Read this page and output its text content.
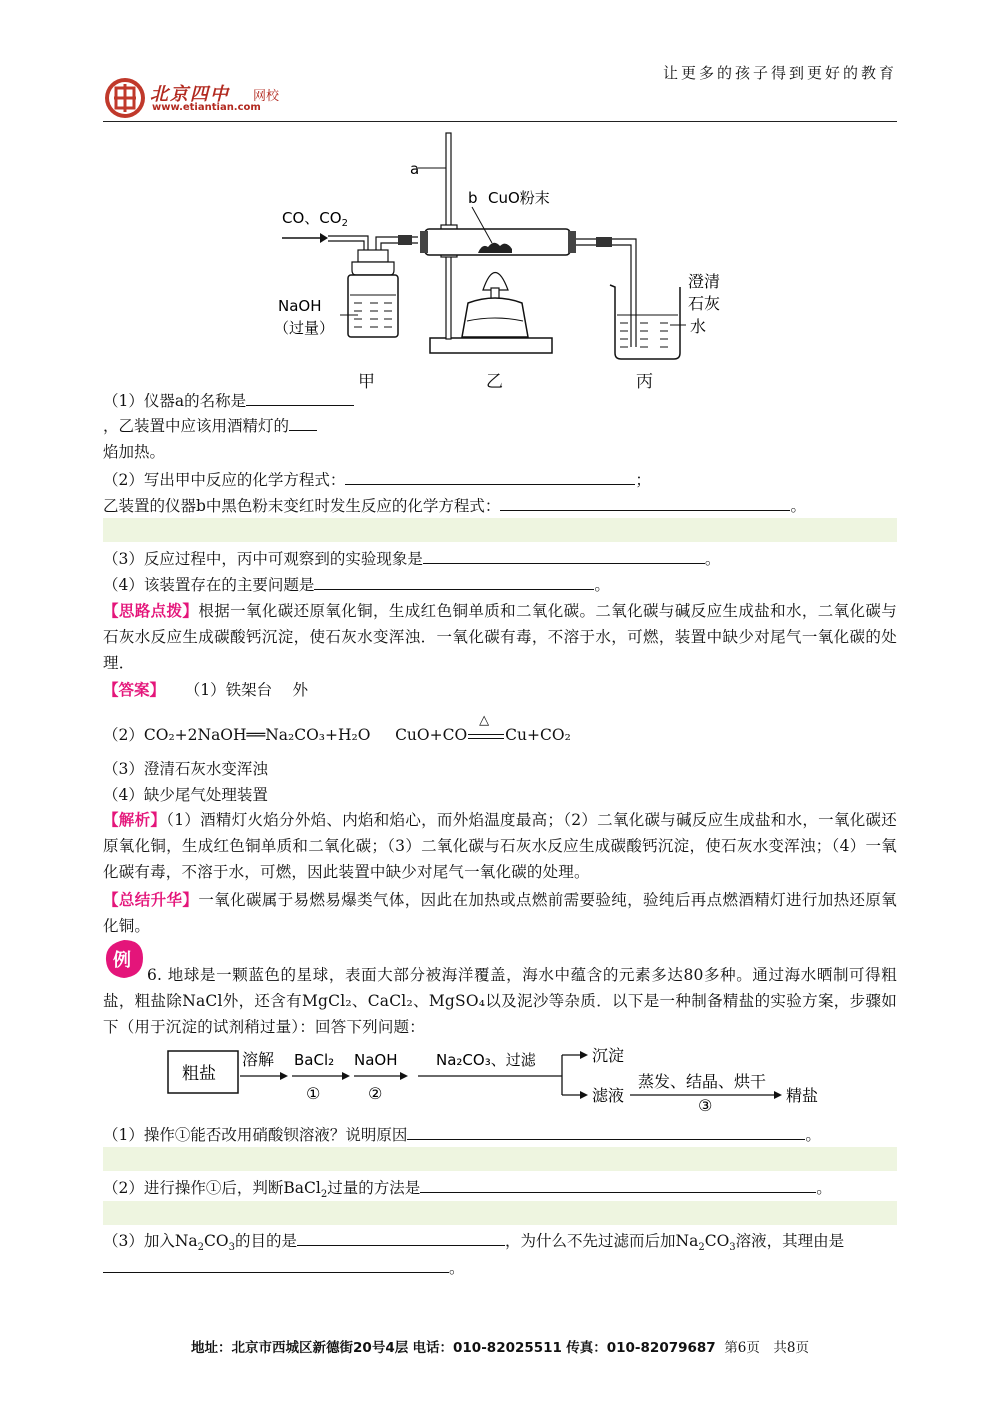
北京四中 网校
www.etiantian.com
让更多的孩子得到更好的教育
a
b CuO粉末
CO、$CO_2$
NaOH
（过量）
澄清
石灰
水
甲	乙	丙
（1）仪器a的名称是
，乙装置中应该用酒精灯的
焰加热。
（2）写出甲中反应的化学方程式：	；
乙装置的仪器b中黑色粉末变红时发生反应的化学方程式：	。
（3）反应过程中，丙中可观察到的实验现象是	。
（4）该装置存在的主要问题是	。
【思路点拨】根据一氧化碳还原氧化铜，生成红色铜单质和二氧化碳。二氧化碳与碱反应生成盐和水，二氧化碳与石灰水反应生成碳酸钙沉淀，使石灰水变浑浊．一氧化碳有毒，不溶于水，可燃，装置中缺少对尾气一氧化碳的处理．
【答案】 （1）铁架台　 外
（2）CO₂+2NaOH══Na₂CO₃+H₂O CuO+CO
△
Cu+CO₂
（3）澄清石灰水变浑浊
（4）缺少尾气处理装置
【解析】（1）酒精灯火焰分外焰、内焰和焰心，而外焰温度最高；（2）二氧化碳与碱反应生成盐和水，一氧化碳还原氧化铜，生成红色铜单质和二氧化碳；（3）二氧化碳与石灰水反应生成碳酸钙沉淀，使石灰水变浑浊；（4）一氧化碳有毒，不溶于水，可燃，因此装置中缺少对尾气一氧化碳的处理。
【总结升华】一氧化碳属于易燃易爆类气体，因此在加热或点燃前需要验纯，验纯后再点燃酒精灯进行加热还原氧化铜。
例
6. 地球是一颗蓝色的星球，表面大部分被海洋覆盖，海水中蕴含的元素多达80多种。通过海水晒制可得粗盐，粗盐除NaCl外，还含有MgCl₂、CaCl₂、MgSO₄以及泥沙等杂质．以下是一种制备精盐的实验方案，步骤如下（用于沉淀的试剂稍过量）：回答下列问题：
粗盐
溶解 BaCl₂
①
NaOH
②
Na₂CO₃、过滤	沉淀
滤液
蒸发、结晶、烘干
③
精盐
（1）操作①能否改用硝酸钡溶液？说明原因	。
（2）进行操作①后，判断BaCl$_2$过量的方法是	。
（3）加入$Na_2CO_3$的目的是	，为什么不先过滤而后加$Na_2CO_3$溶液，其理由是
。
地址：北京市西城区新德街20号4层 电话：010-82025511 传真：010-82079687 第6页　共8页
